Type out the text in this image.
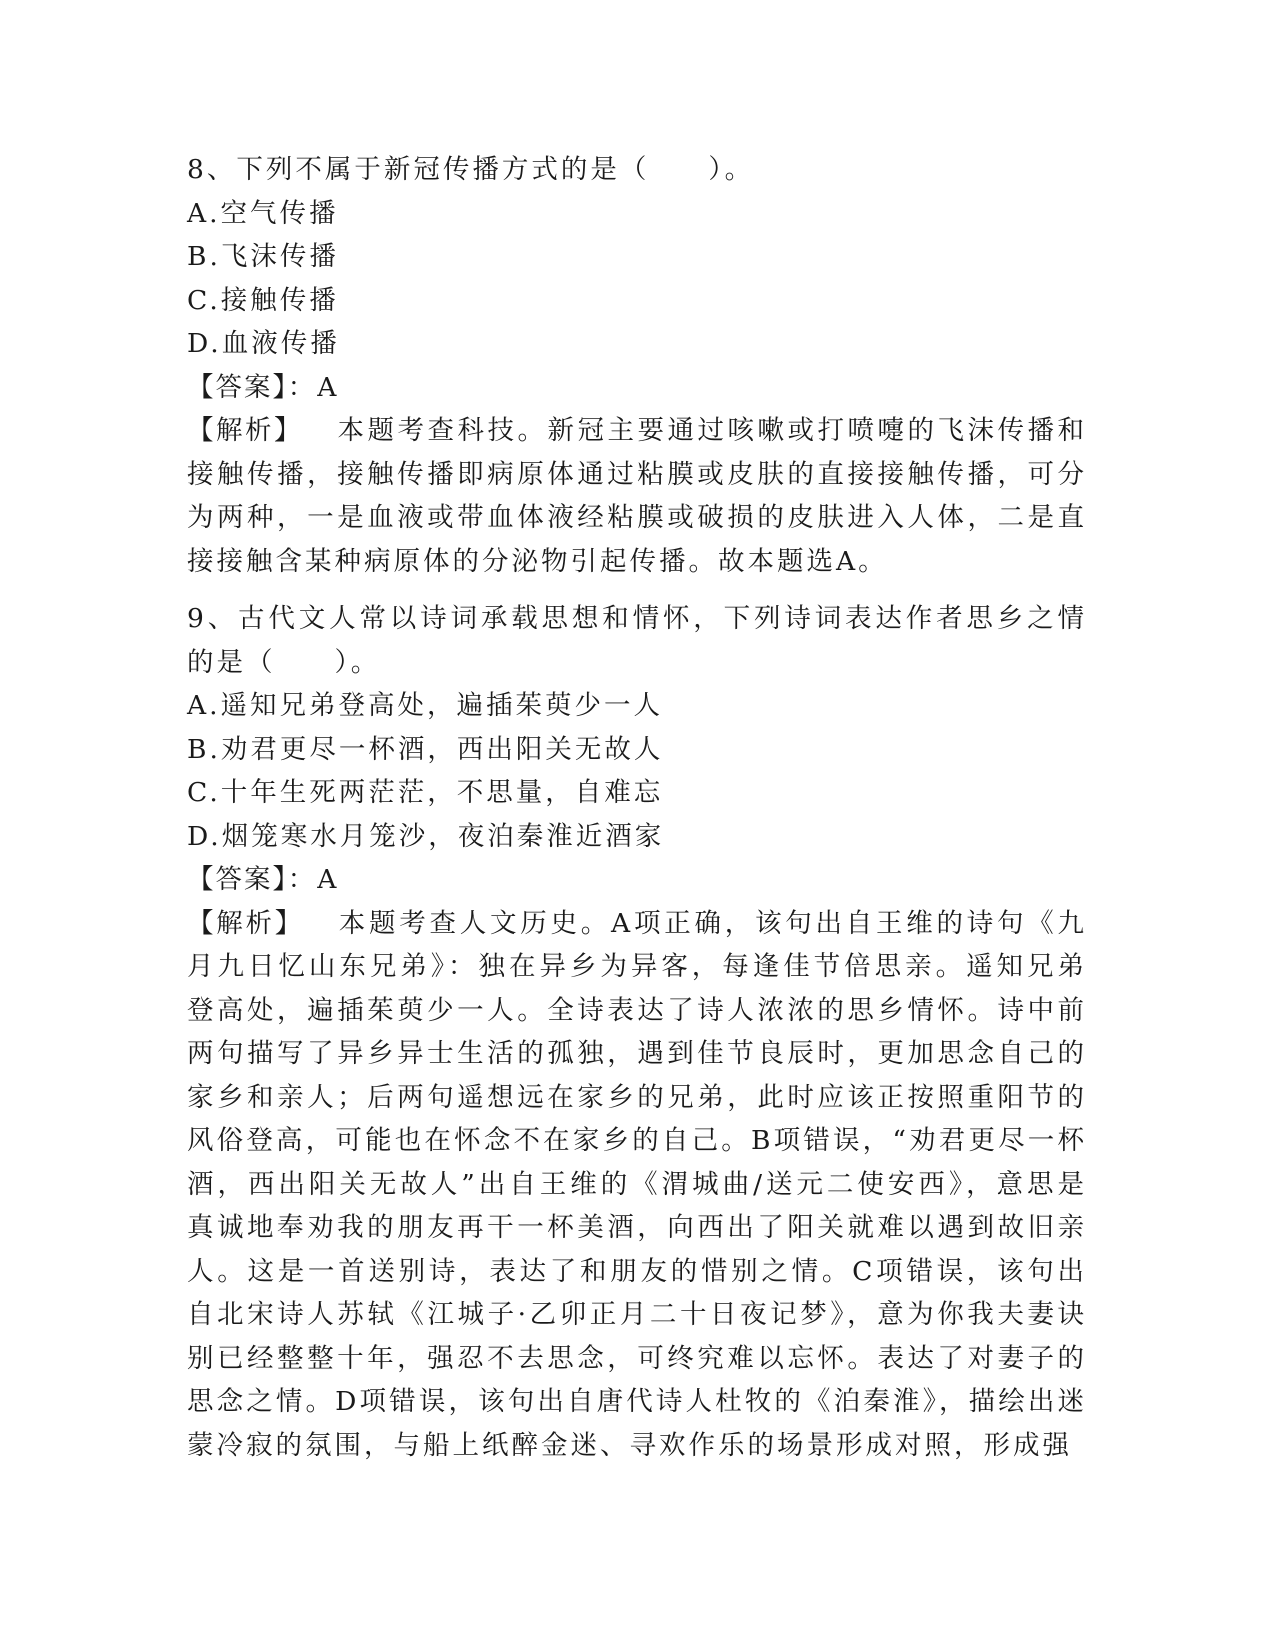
8、下列不属于新冠传播方式的是（　　）。
A.空气传播
B.飞沫传播
C.接触传播
D.血液传播
【答案】：A
【解析】 本题考查科技。新冠主要通过咳嗽或打喷嚏的飞沫传播和接触传播，接触传播即病原体通过粘膜或皮肤的直接接触传播，可分为两种，一是血液或带血体液经粘膜或破损的皮肤进入人体，二是直接接触含某种病原体的分泌物引起传播。故本题选A。
9、古代文人常以诗词承载思想和情怀，下列诗词表达作者思乡之情的是（　　）。
A.遥知兄弟登高处，遍插茱萸少一人
B.劝君更尽一杯酒，西出阳关无故人
C.十年生死两茫茫，不思量，自难忘
D.烟笼寒水月笼沙，夜泊秦淮近酒家
【答案】：A
【解析】 本题考查人文历史。A项正确，该句出自王维的诗句《九月九日忆山东兄弟》：独在异乡为异客，每逢佳节倍思亲。遥知兄弟登高处，遍插茱萸少一人。全诗表达了诗人浓浓的思乡情怀。诗中前两句描写了异乡异士生活的孤独，遇到佳节良辰时，更加思念自己的家乡和亲人；后两句遥想远在家乡的兄弟，此时应该正按照重阳节的风俗登高，可能也在怀念不在家乡的自己。B项错误，“劝君更尽一杯酒，西出阳关无故人”出自王维的《渭城曲/送元二使安西》，意思是真诚地奉劝我的朋友再干一杯美酒，向西出了阳关就难以遇到故旧亲人。这是一首送别诗，表达了和朋友的惜别之情。C项错误，该句出自北宋诗人苏轼《江城子·乙卯正月二十日夜记梦》，意为你我夫妻诀别已经整整十年，强忍不去思念，可终究难以忘怀。表达了对妻子的思念之情。D项错误，该句出自唐代诗人杜牧的《泊秦淮》，描绘出迷蒙冷寂的氛围，与船上纸醉金迷、寻欢作乐的场景形成对照，形成强
